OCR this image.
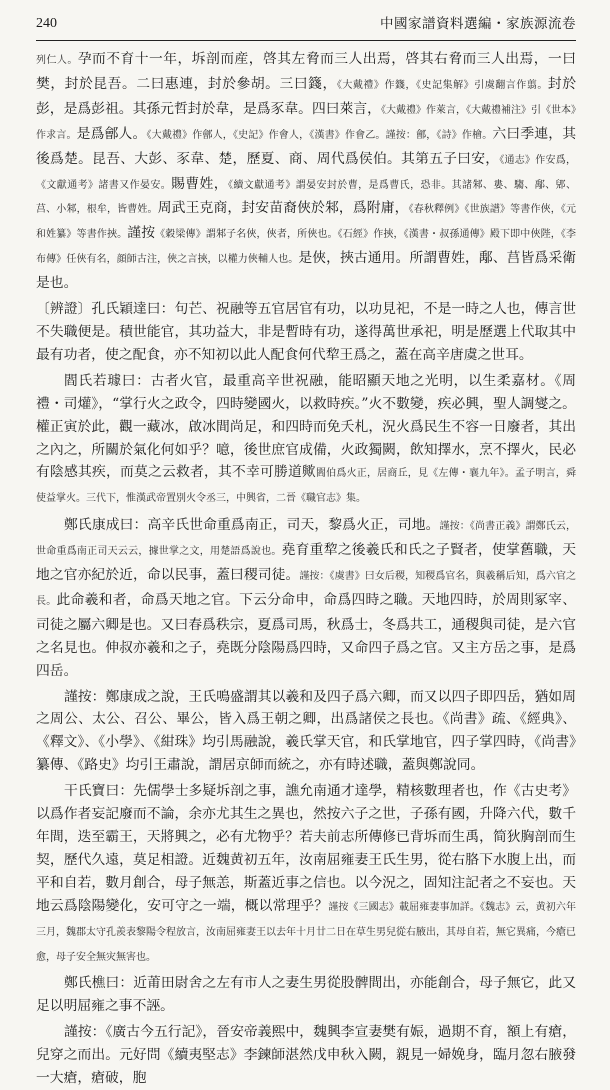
240	中國家譜資料選編・家族源流卷

列仁人。孕而不育十一年，坼剖而産，啓其左脅而三人出焉，啓其右脅而三人出焉，一曰樊，封於昆吾。二曰惠連，封於參胡。三曰籛，《大戴禮》作籛，《史記集解》引虞翻言作翦。封於彭，是爲彭祖。其孫元哲封於韋，是爲豕韋。四曰萊言，《大戴禮》作萊言，《大戴禮補注》引《世本》作求言。是爲鄶人。《大戴禮》作鄶人，《史記》作會人，《漢書》作會乙。謹按：鄶，《詩》作檜。六曰季連，其後爲楚。昆吾、大彭、豕韋、楚，歷夏、商、周代爲侯伯。其第五子曰安，《通志》作安爲，《文獻通考》諸書又作晏安。賜曹姓，《續文獻通考》謂晏安封於曹，是爲曹氏，恐非。其諸邾、婁、騶、鄅、郳、莒、小邾，根牟，皆曹姓。周武王克商，封安苗裔俠於邾，爲附庸，《春秋釋例》《世族譜》等書作俠，《元和姓纂》等書作挾。謹按《穀梁傳》謂邾子名俠，俠者，所俠也。《石經》作挾，《漢書・叔孫通傳》殿下即中俠陛，《李布傳》任俠有名，顔師古注，俠之言挾，以權力俠輔人也。是俠，挾古通用。所謂曹姓，鄅、莒皆爲采衛是也。

〔辨證〕孔氏穎達曰：句芒、祝融等五官居官有功，以功見祀，不是一時之人也，傳言世不失職便是。積世能官，其功益大，非是暫時有功，遂得萬世承祀，明是歷選上代取其中最有功者，使之配食，亦不知初以此人配食何代犂王爲之，蓋在高辛唐虞之世耳。

閻氏若璩曰：古者火官，最重高辛世祝融，能昭顯天地之光明，以生柔嘉材。《周禮・司爟》，“掌行火之政令，四時變國火，以救時疾。”火不數變，疾必興，聖人調燮之。權正寅於此，觀一藏冰，啟冰間尚足，和四時而免夭札，況火爲民生不容一日廢者，其出之內之，所關於氣化何如乎？噫，後世庶官成備，火政獨闕，飲知擇水，烹不擇火，民必有陰感其疾，而莫之云救者，其不幸可勝道歟閻伯爲火正，居商丘，見《左傳・襄九年》。孟子明言，舜使益掌火。三代下，惟漢武帝置別火令丞三，中興省，二晉《職官志》集。

鄭氏康成曰：高辛氏世命重爲南正，司天，黎爲火正，司地。謹按：《尚書正義》謂鄭氏云，世命重爲南正司天云云，據世掌之文，用楚語爲說也。堯育重犂之後羲氏和氏之子賢者，使掌舊職，天地之官亦紀於近，命以民事，蓋曰稷司徒。謹按：《虞書》曰女后稷，知稷爲官名，與羲稱后知，爲六官之長。此命羲和者，命爲天地之官。下云分命申，命爲四時之職。天地四時，於周則冢宰、司徒之屬六卿是也。又曰春爲秩宗，夏爲司馬，秋爲士，冬爲共工，通稷與司徒，是六官之名見也。伸叔亦羲和之子，堯既分陰陽爲四時，又命四子爲之官。又主方岳之事，是爲四岳。

謹按：鄭康成之說，王氏鳴盛謂其以羲和及四子爲六卿，而又以四子即四岳，猶如周之周公、太公、召公、畢公，皆入爲王朝之卿，出爲諸侯之長也。《尚書》疏、《經典》、《釋文》、《小學》、《紺珠》均引馬融說，羲氏掌天官，和氏掌地官，四子掌四時，《尚書》纂傳、《路史》均引王肅說，謂居京師而統之，亦有時述職，蓋與鄭說同。

干氏寶曰：先儒學士多疑坼剖之事，譙允南通才達學，精核數理者也，作《古史考》以爲作者妄記廢而不論，余亦尤其生之異也，然按六子之世，子孫有國，升降六代，數千年間，迭至霸王，天將興之，必有尤物乎？若夫前志所傳修已背坼而生禹，简狄胸剖而生契，歷代久遠，莫足相證。近魏黄初五年，汝南屈雍妻王氏生男，從右胳下水腹上出，而平和自若，數月創合，母子無恙，斯蓋近事之信也。以今況之，固知注記者之不妄也。天地云爲陰陽變化，安可守之一端，概以常理乎？謹按《三國志》載屈雍妻事加詳。《魏志》云，黄初六年三月，魏郡太守孔羨表黎陽令程放言，汝南屈雍妻王以去年十月廿二日在草生男兒從右腋出，其母自若，無它異痛，今瘡已愈，母子安全無灾無害也。

鄭氏樵曰：近莆田尉舍之左有市人之妻生男從股髀間出，亦能創合，母子無它，此又足以明屈雍之事不誣。

謹按：《廣古今五行記》，晉安帝義熙中，魏興李宣妻樊有娠，過期不育，額上有瘡，兒穿之而出。元好問《續夷堅志》李鍊師湛然戊申秋入闕，親見一婦娩身，臨月忽右腋發一大瘡，瘡破，胞
